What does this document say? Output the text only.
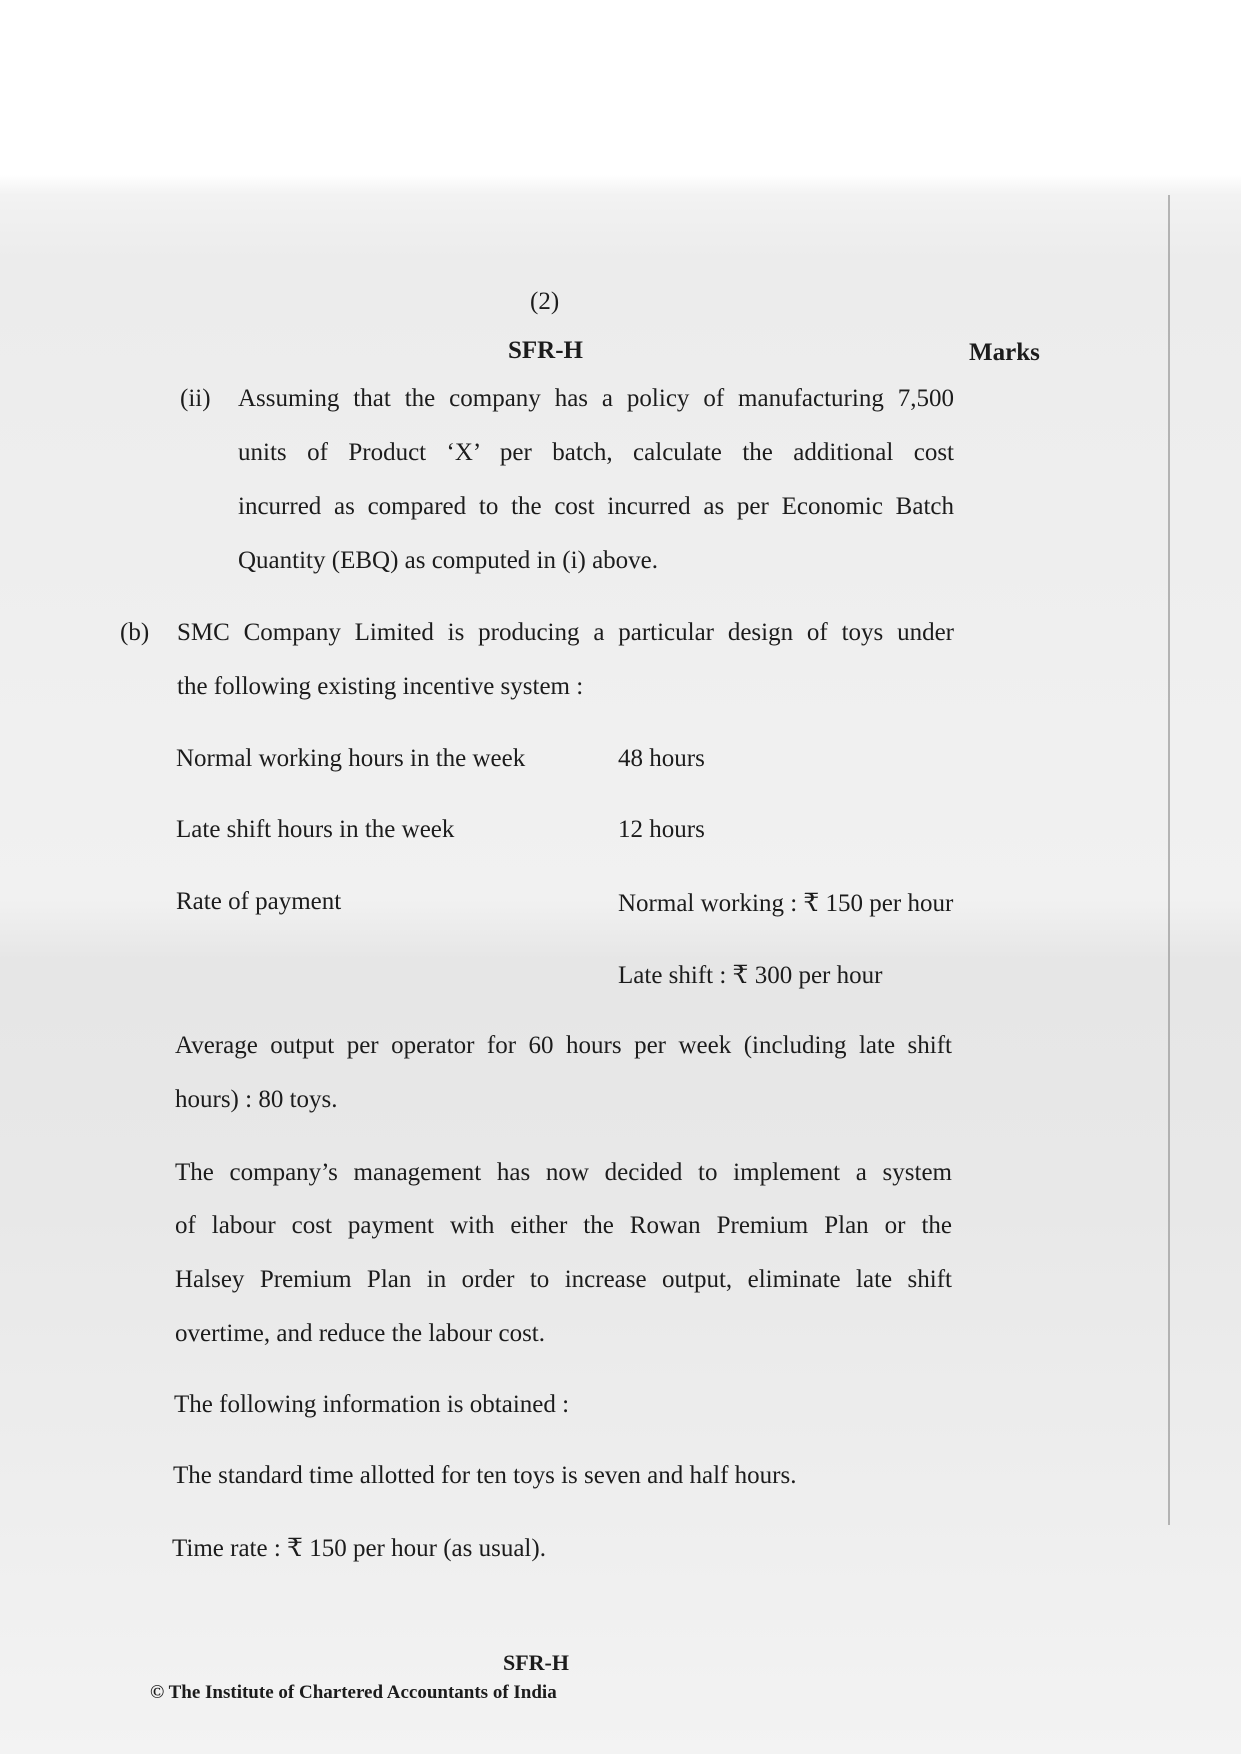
(2)
SFR-H	Marks
(ii) Assuming that the company has a policy of manufacturing 7,500
units of Product ‘X’ per batch, calculate the additional cost
incurred as compared to the cost incurred as per Economic Batch
Quantity (EBQ) as computed in (i) above.
(b) SMC Company Limited is producing a particular design of toys under
the following existing incentive system :
Normal working hours in the week	48 hours
Late shift hours in the week	12 hours
Rate of payment	Normal working : ₹ 150 per hour
Late shift : ₹ 300 per hour
Average output per operator for 60 hours per week (including late shift
hours) : 80 toys.
The company’s management has now decided to implement a system
of labour cost payment with either the Rowan Premium Plan or the
Halsey Premium Plan in order to increase output, eliminate late shift
overtime, and reduce the labour cost.
The following information is obtained :
The standard time allotted for ten toys is seven and half hours.
Time rate : ₹ 150 per hour (as usual).
SFR-H
© The Institute of Chartered Accountants of India
